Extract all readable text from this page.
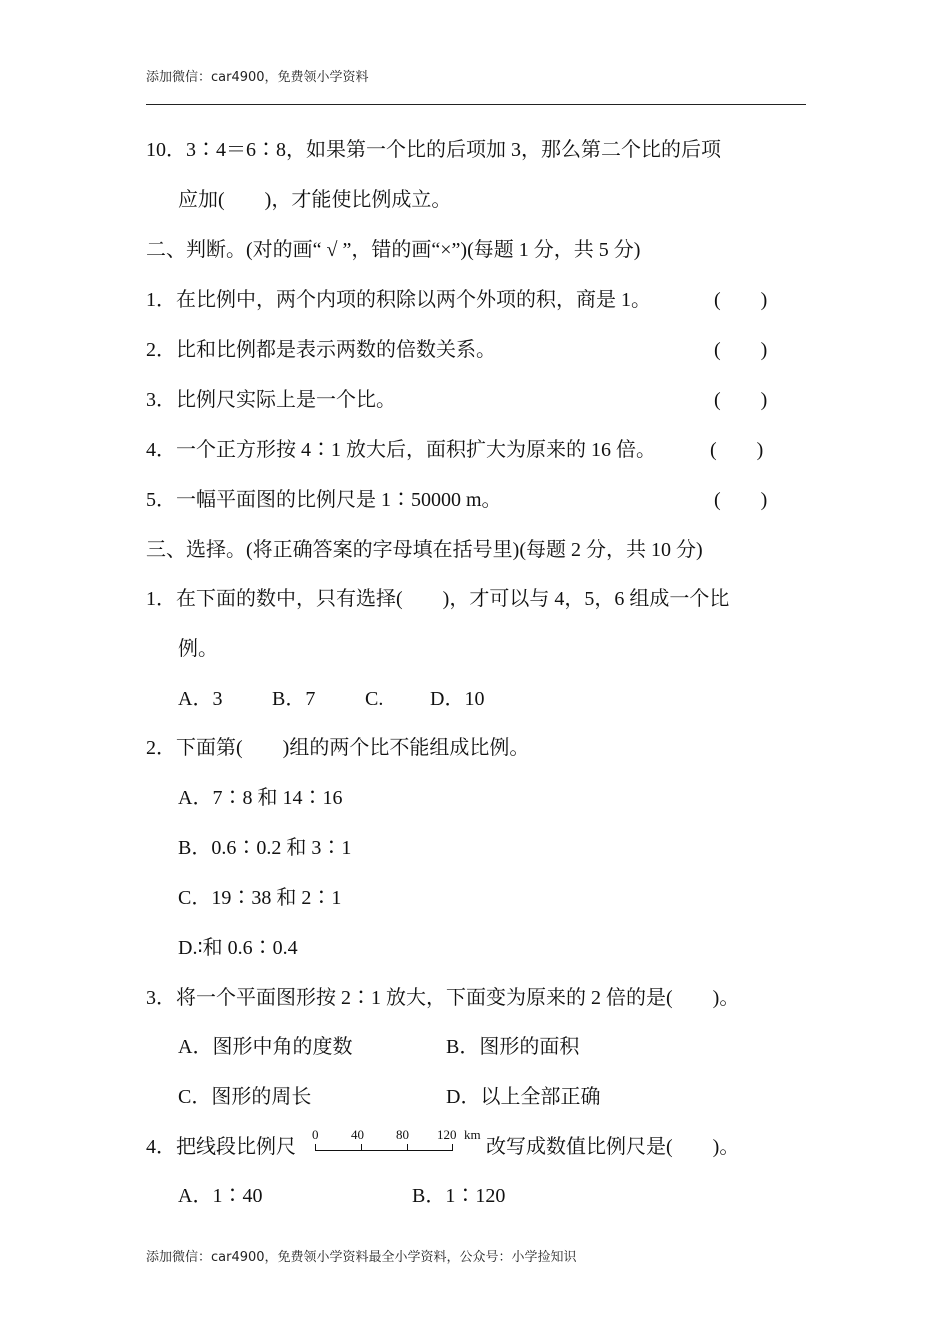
添加微信：car4900，免费领小学资料
10．3∶4＝6∶8，如果第一个比的后项加 3，那么第二个比的后项
应加(　　)，才能使比例成立。
二、判断。(对的画“ √ ”，错的画“×”)(每题 1 分，共 5 分)
1．在比例中，两个内项的积除以两个外项的积，商是 1。	(　　)
2．比和比例都是表示两数的倍数关系。	(　　)
3．比例尺实际上是一个比。	(　　)
4．一个正方形按 4∶1 放大后，面积扩大为原来的 16 倍。	(　　)
5．一幅平面图的比例尺是 1∶50000 m。	(　　)
三、选择。(将正确答案的字母填在括号里)(每题 2 分，共 10 分)
1．在下面的数中，只有选择(　　)，才可以与 4，5，6 组成一个比
例。
A．3 B．7 C. D．10
2．下面第(　　)组的两个比不能组成比例。
A．7∶8 和 14∶16
B．0.6∶0.2 和 3∶1
C．19∶38 和 2∶1
D.∶和 0.6∶0.4
3．将一个平面图形按 2∶1 放大，下面变为原来的 2 倍的是(　　)。
A．图形中角的度数	B．图形的面积
C．图形的周长	D．以上全部正确
4．把线段比例尺
0	40 80 120 km
改写成数值比例尺是(　　)。
A．1∶40	B．1∶120
添加微信：car4900，免费领小学资料最全小学资料，公众号：小学捡知识
